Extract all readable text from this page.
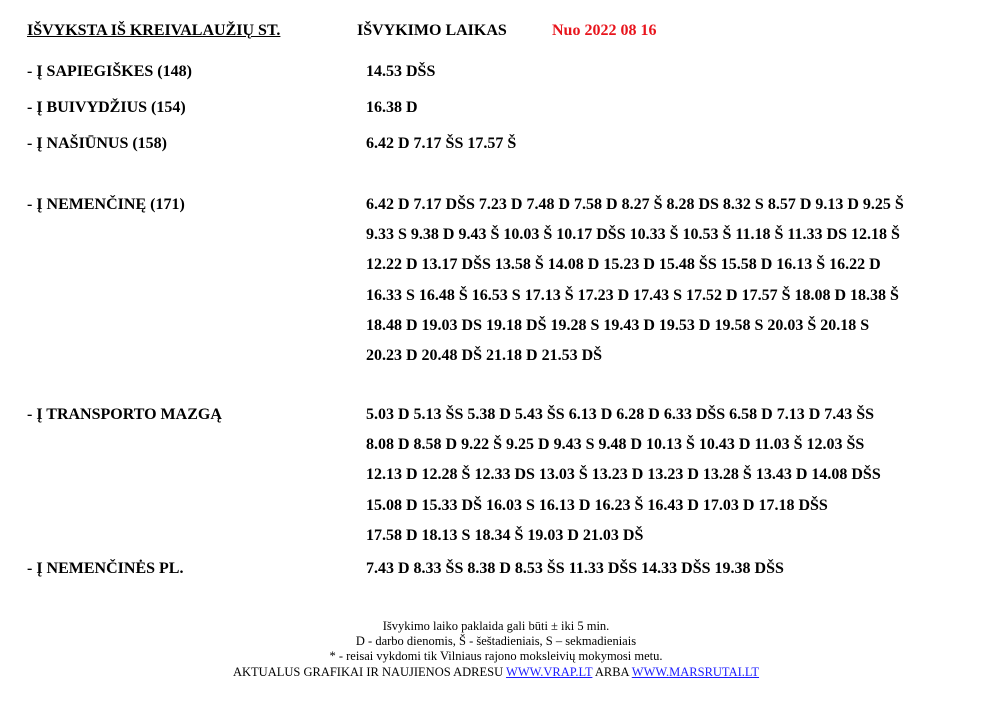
IŠVYKSTA IŠ KREIVALAUŽIŲ ST.	IŠVYKIMO LAIKAS	Nuo 2022 08 16
- Į SAPIEGIŠKES (148)	14.53 DŠS
- Į BUIVYDŽIUS (154)	16.38 D
- Į NAŠIŪNUS (158)	6.42 D 7.17 ŠS 17.57 Š
- Į NEMENČINĘ (171)	6.42 D 7.17 DŠS 7.23 D 7.48 D 7.58 D 8.27 Š 8.28 DS 8.32 S 8.57 D 9.13 D 9.25 Š
9.33 S 9.38 D 9.43 Š 10.03 Š 10.17 DŠS 10.33 Š 10.53 Š 11.18 Š 11.33 DS 12.18 Š
12.22 D 13.17 DŠS 13.58 Š 14.08 D 15.23 D 15.48 ŠS 15.58 D 16.13 Š 16.22 D
16.33 S 16.48 Š 16.53 S 17.13 Š 17.23 D 17.43 S 17.52 D 17.57 Š 18.08 D 18.38 Š
18.48 D 19.03 DS 19.18 DŠ 19.28 S 19.43 D 19.53 D 19.58 S 20.03 Š 20.18 S
20.23 D 20.48 DŠ 21.18 D 21.53 DŠ
- Į TRANSPORTO MAZGĄ	5.03 D 5.13 ŠS 5.38 D 5.43 ŠS 6.13 D 6.28 D 6.33 DŠS 6.58 D 7.13 D 7.43 ŠS
8.08 D 8.58 D 9.22 Š 9.25 D 9.43 S 9.48 D 10.13 Š 10.43 D 11.03 Š 12.03 ŠS
12.13 D 12.28 Š 12.33 DS 13.03 Š 13.23 D 13.23 D 13.28 Š 13.43 D 14.08 DŠS
15.08 D 15.33 DŠ 16.03 S 16.13 D 16.23 Š 16.43 D 17.03 D 17.18 DŠS
17.58 D 18.13 S 18.34 Š 19.03 D 21.03 DŠ
- Į NEMENČINĖS PL.	7.43 D 8.33 ŠS 8.38 D 8.53 ŠS 11.33 DŠS 14.33 DŠS 19.38 DŠS
Išvykimo laiko paklaida gali būti ± iki 5 min.
D - darbo dienomis, Š - šeštadieniais, S – sekmadieniais
* - reisai vykdomi tik Vilniaus rajono moksleivių mokymosi metu.
AKTUALUS GRAFIKAI IR NAUJIENOS ADRESU WWW.VRAP.LT ARBA WWW.MARSRUTAI.LT
